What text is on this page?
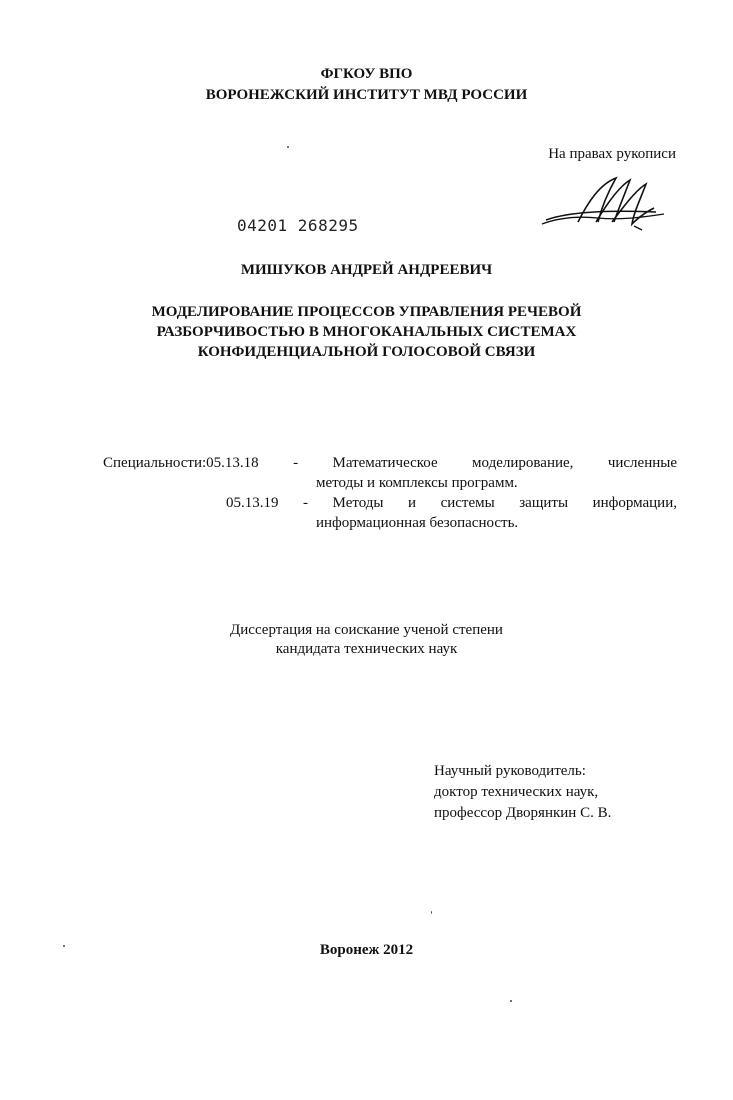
ФГКОУ ВПО
ВОРОНЕЖСКИЙ ИНСТИТУТ МВД РОССИИ
На правах рукописи
04201 268295
МИШУКОВ АНДРЕЙ АНДРЕЕВИЧ
МОДЕЛИРОВАНИЕ ПРОЦЕССОВ УПРАВЛЕНИЯ РЕЧЕВОЙ
РАЗБОРЧИВОСТЬЮ В МНОГОКАНАЛЬНЫХ СИСТЕМАХ
КОНФИДЕНЦИАЛЬНОЙ ГОЛОСОВОЙ СВЯЗИ
Специальности:05.13.18 - Математическое моделирование, численные
методы и комплексы программ.
05.13.19 - Методы и системы защиты информации,
информационная безопасность.
Диссертация на соискание ученой степени
кандидата технических наук
Научный руководитель:
доктор технических наук,
профессор Дворянкин С. В.
Воронеж 2012
